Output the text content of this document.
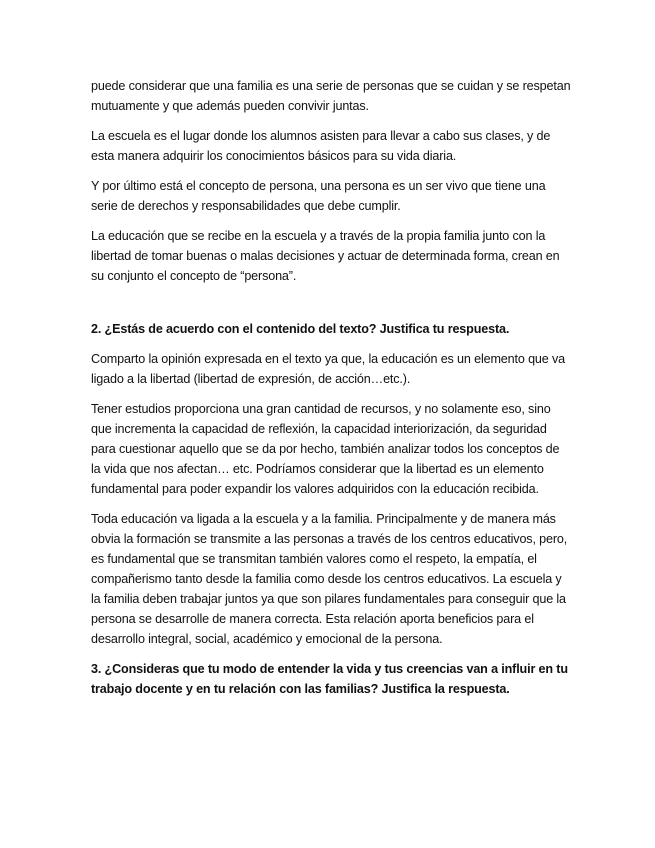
puede considerar que una familia es una serie de personas que se cuidan y se respetan mutuamente y que además pueden convivir juntas.

La escuela es el lugar donde los alumnos asisten para llevar a cabo sus clases, y de esta manera adquirir los conocimientos básicos para su vida diaria.

Y por último está el concepto de persona, una persona es un ser vivo que tiene una serie de derechos y responsabilidades que debe cumplir.

La educación que se recibe en la escuela y a través de la propia familia junto con la libertad de tomar buenas o malas decisiones y actuar de determinada forma, crean en su conjunto el concepto de “persona”.

2. ¿Estás de acuerdo con el contenido del texto? Justifica tu respuesta.

Comparto la opinión expresada en el texto ya que, la educación es un elemento que va ligado a la libertad (libertad de expresión, de acción…etc.).

Tener estudios proporciona una gran cantidad de recursos, y no solamente eso, sino que incrementa la capacidad de reflexión, la capacidad interiorización, da seguridad para cuestionar aquello que se da por hecho, también analizar todos los conceptos de la vida que nos afectan… etc. Podríamos considerar que la libertad es un elemento fundamental para poder expandir los valores adquiridos con la educación recibida.

Toda educación va ligada a la escuela y a la familia. Principalmente y de manera más obvia la formación se transmite a las personas a través de los centros educativos, pero, es fundamental que se transmitan también valores como el respeto, la empatía, el compañerismo tanto desde la familia como desde los centros educativos. La escuela y la familia deben trabajar juntos ya que son pilares fundamentales para conseguir que la persona se desarrolle de manera correcta. Esta relación aporta beneficios para el desarrollo integral, social, académico y emocional de la persona.

3. ¿Consideras que tu modo de entender la vida y tus creencias van a influir en tu trabajo docente y en tu relación con las familias? Justifica la respuesta.
